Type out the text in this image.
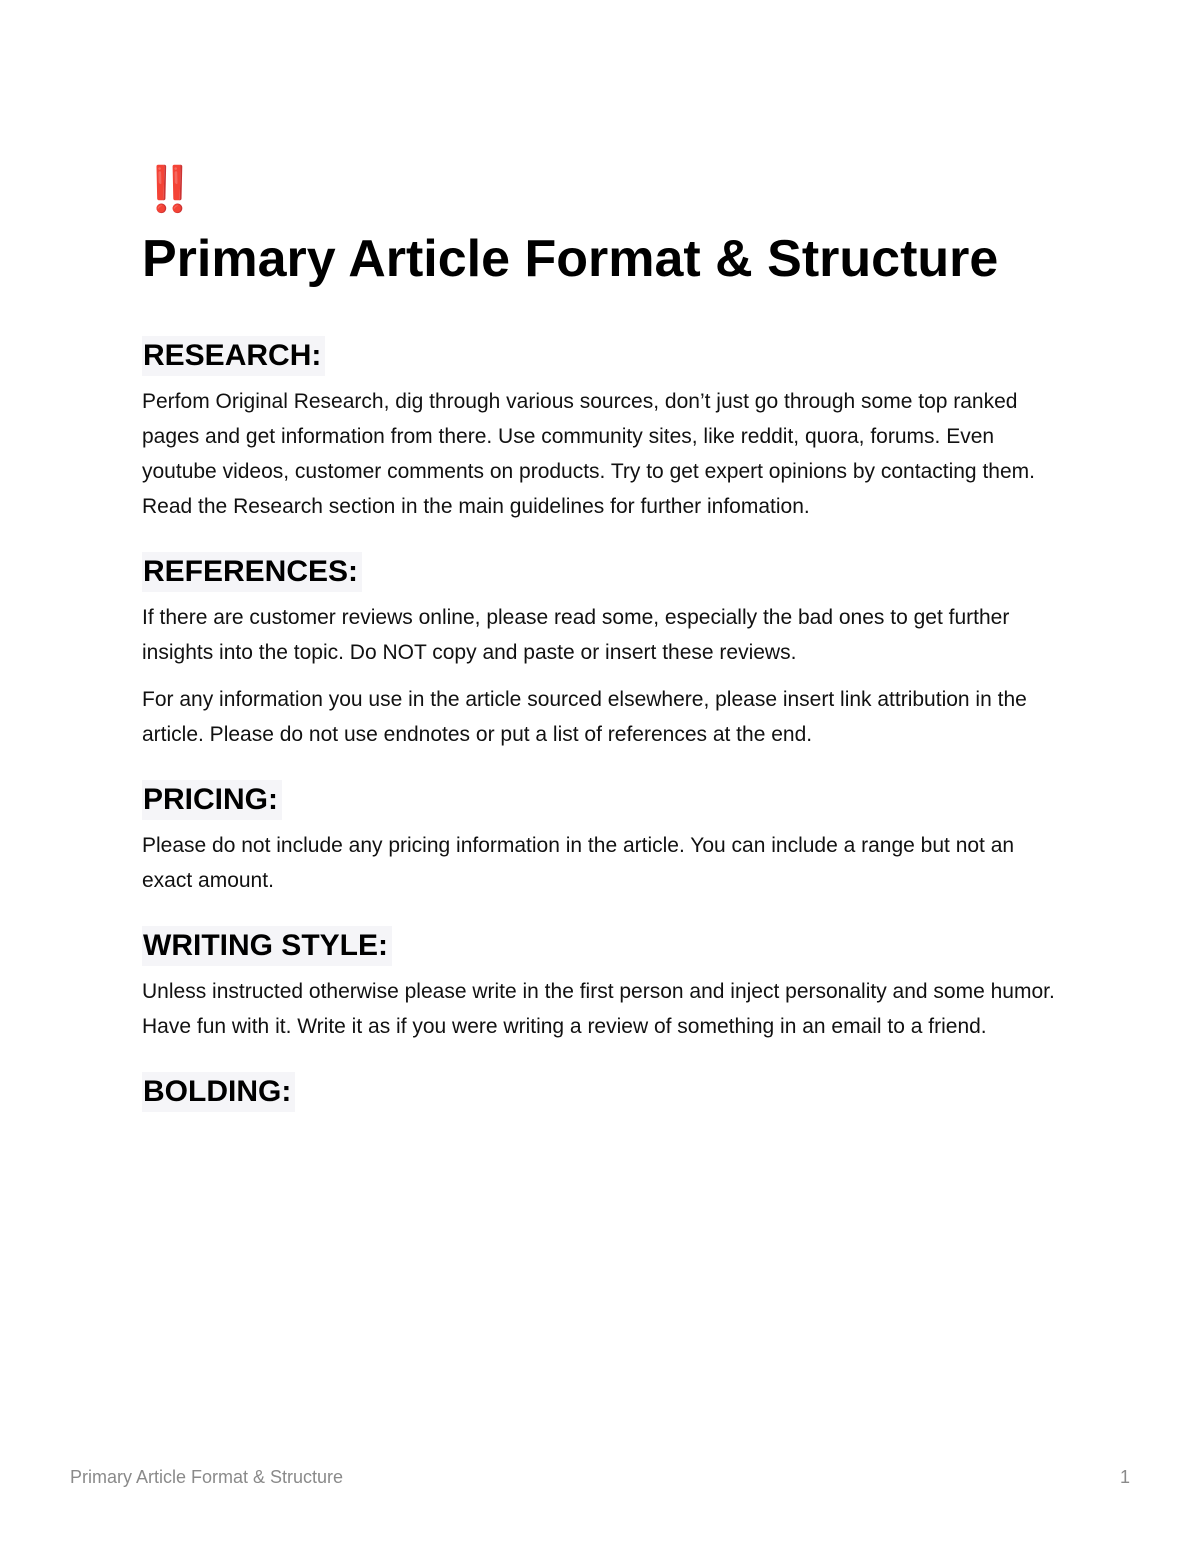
‼️
Primary Article Format & Structure
RESEARCH:

Perfom Original Research, dig through various sources, don’t just go through some top ranked pages and get information from there. Use community sites, like reddit, quora, forums. Even youtube videos, customer comments on products. Try to get expert opinions by contacting them. Read the Research section in the main guidelines for further infomation.

REFERENCES:

If there are customer reviews online, please read some, especially the bad ones to get further insights into the topic. Do NOT copy and paste or insert these reviews.

For any information you use in the article sourced elsewhere, please insert link attribution in the article. Please do not use endnotes or put a list of references at the end.

PRICING:

Please do not include any pricing information in the article. You can include a range but not an exact amount.

WRITING STYLE:

Unless instructed otherwise please write in the first person and inject personality and some humor. Have fun with it. Write it as if you were writing a review of something in an email to a friend.

BOLDING:
Primary Article Format & Structure	1
